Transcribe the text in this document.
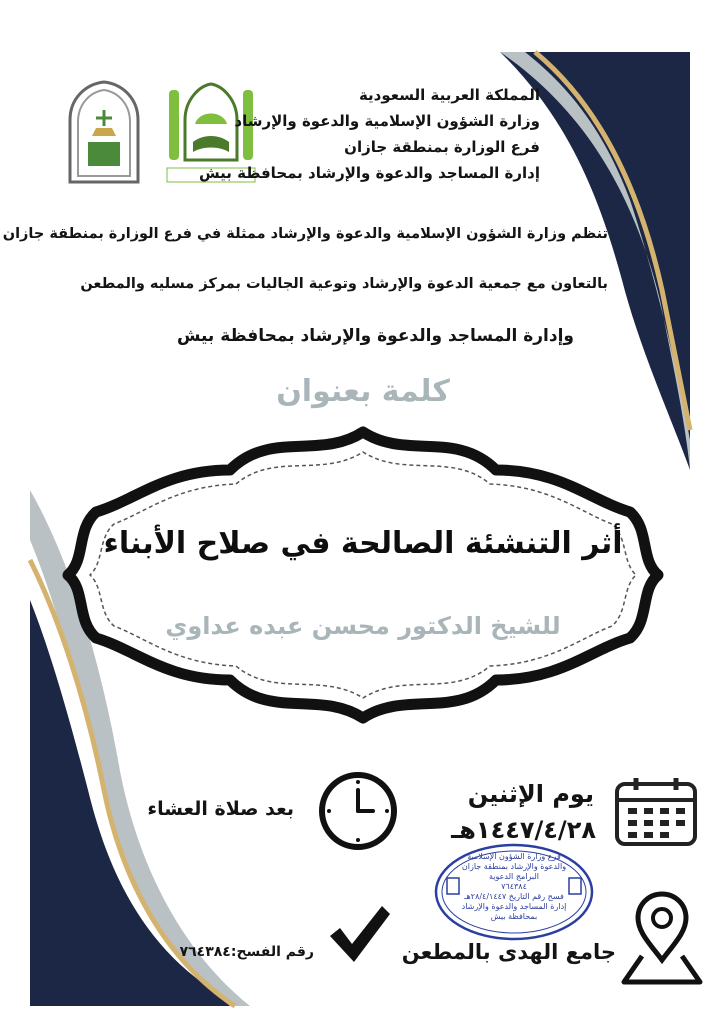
المملكة العربية السعودية
وزارة الشؤون الإسلامية والدعوة والإرشاد
فرع الوزارة بمنطقة جازان
إدارة المساجد والدعوة والإرشاد بمحافظة بيش
تنظم وزارة الشؤون الإسلامية والدعوة والإرشاد ممثلة في فرع الوزارة بمنطقة جازان
بالتعاون مع جمعية الدعوة والإرشاد وتوعية الجاليات بمركز مسليه والمطعن
وإدارة المساجد والدعوة والإرشاد بمحافظة بيش
كلمة بعنوان
أثر التنشئة الصالحة في صلاح الأبناء
للشيخ الدكتور محسن عبده عداوي
يوم الإثنين
١٤٤٧/٤/٢٨هـ
بعد صلاة العشاء
فرع وزارة الشؤون الإسلامية
والدعوة والإرشاد بمنطقة جازان
البرامج الدعوية
٧٦٤٣٨٤
فسح رقم التاريخ ٢٨/٤/١٤٤٧هـ
إدارة المساجد والدعوة والإرشاد
بمحافظة بيش
جامع الهدى بالمطعن
رقم الفسح:٧٦٤٣٨٤
